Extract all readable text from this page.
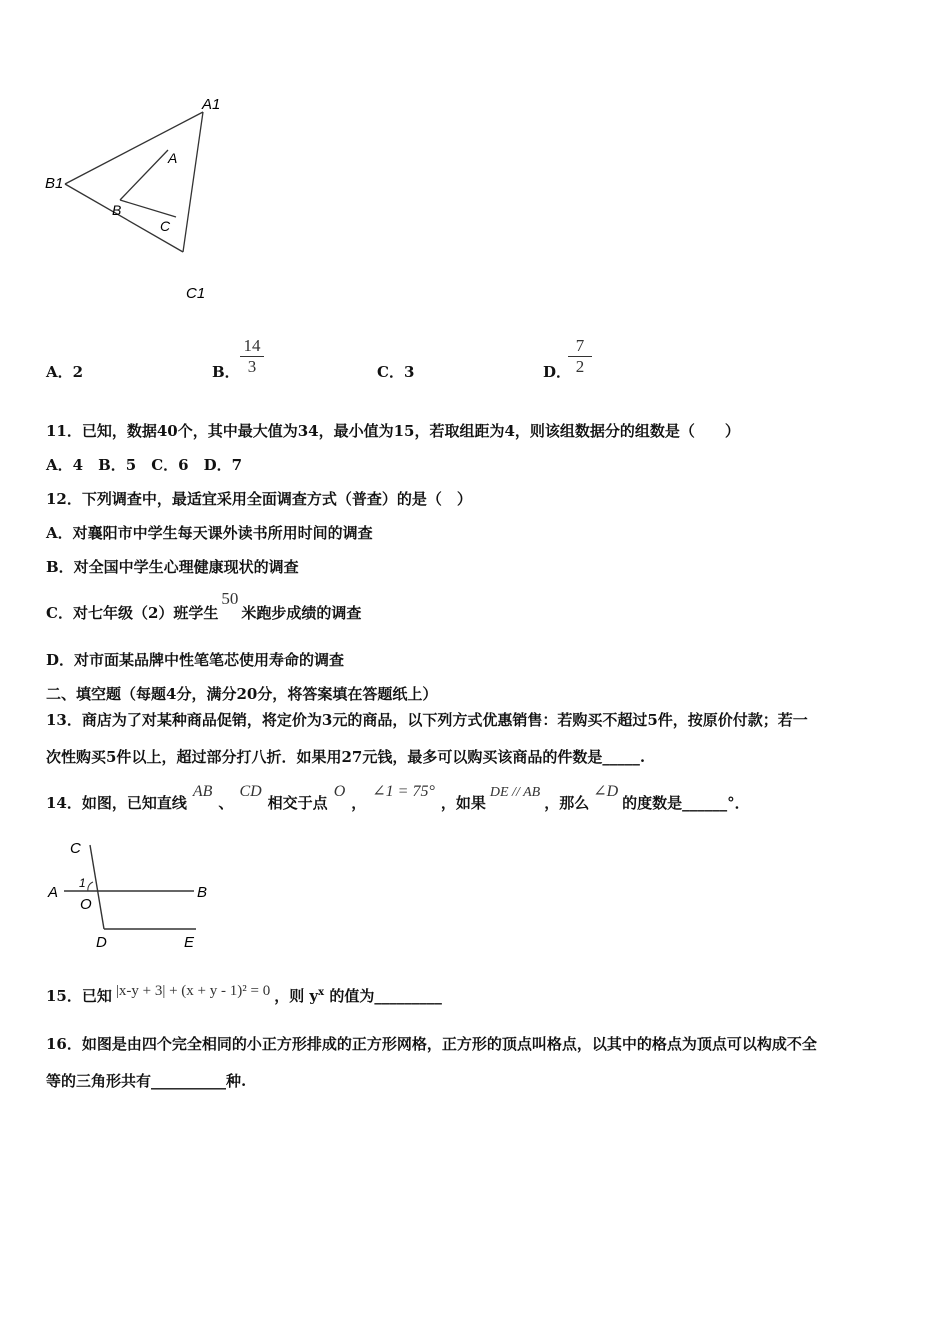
A1
B1
C1
A
B
C
A．2	B． $\frac{14}{3}$	C．3	D．
$\frac{7}{2}$
11．已知，数据40个，其中最大值为34，最小值为15，若取组距为4，则该组数据分的组数是（　　）
A．4　B．5　C．6　D．7
12．下列调查中，最适宜采用全面调查方式（普查）的是（　）
A．对襄阳市中学生每天课外读书所用时间的调查
B．对全国中学生心理健康现状的调查
C．对七年级（2）班学生50米跑步成绩的调查
D．对市面某品牌中性笔笔芯使用寿命的调查
二、填空题（每题4分，满分20分，将答案填在答题纸上）
13．商店为了对某种商品促销，将定价为3元的商品，以下列方式优惠销售：若购买不超过5件，按原价付款；若一
次性购买5件以上，超过部分打八折．如果用27元钱，最多可以购买该商品的件数是_____.
14．如图，已知直线AB、CD相交于点O，∠1 = 75°，如果DE // AB，那么∠D的度数是______°．
C
A
1
O
B
D	E
15．已知 |x-y + 3| + (x + y - 1)² = 0 ，则 $y^x$ 的值为_________
16．如图是由四个完全相同的小正方形排成的正方形网格，正方形的顶点叫格点，以其中的格点为顶点可以构成不全
等的三角形共有__________种.
